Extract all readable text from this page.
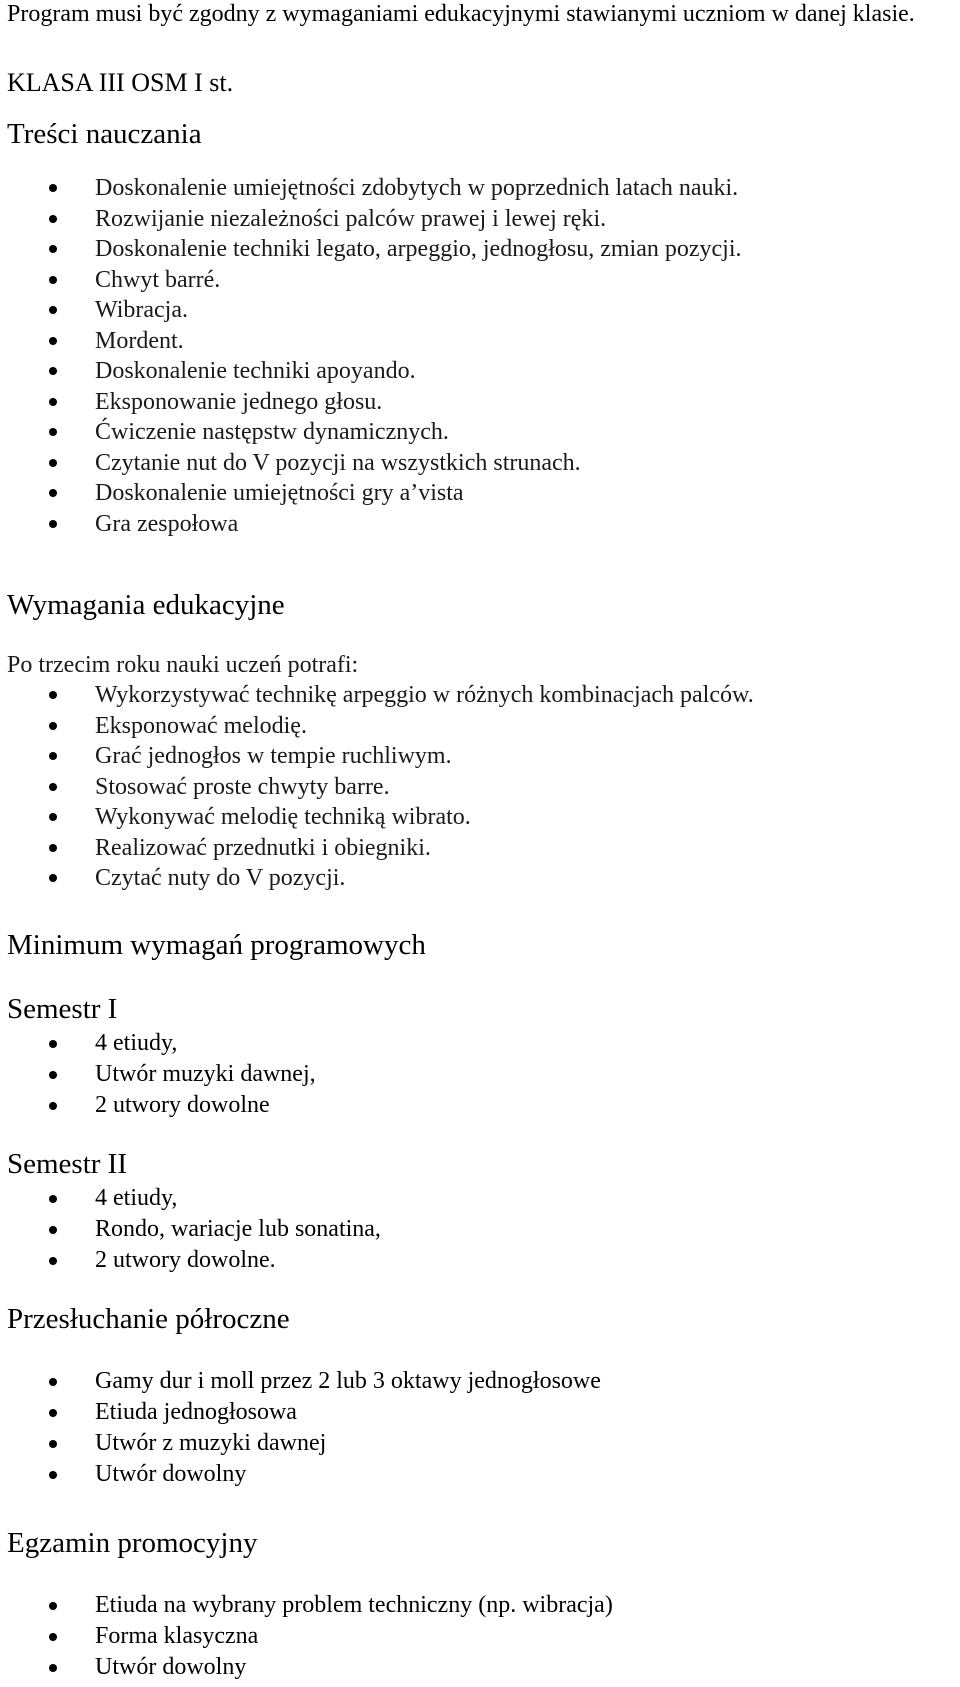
Program musi być zgodny z wymaganiami edukacyjnymi stawianymi uczniom w danej klasie.

KLASA III OSM I st.
Treści nauczania
Doskonalenie umiejętności zdobytych w poprzednich latach nauki.
Rozwijanie niezależności palców prawej i lewej ręki.
Doskonalenie techniki legato, arpeggio, jednogłosu, zmian pozycji.
Chwyt barré.
Wibracja.
Mordent.
Doskonalenie techniki apoyando.
Eksponowanie jednego głosu.
Ćwiczenie następstw dynamicznych.
Czytanie nut do V pozycji na wszystkich strunach.
Doskonalenie umiejętności gry a’vista
Gra zespołowa
Wymagania edukacyjne

Po trzecim roku nauki uczeń potrafi:

Wykorzystywać technikę arpeggio w różnych kombinacjach palców.
Eksponować melodię.
Grać jednogłos w tempie ruchliwym.
Stosować proste chwyty barre.
Wykonywać melodię techniką wibrato.
Realizować przednutki i obiegniki.
Czytać nuty do V pozycji.
Minimum wymagań programowych
Semestr I
4 etiudy,
Utwór muzyki dawnej,
2 utwory dowolne
Semestr II
4 etiudy,
Rondo, wariacje lub sonatina,
2 utwory dowolne.
Przesłuchanie półroczne
Gamy dur i moll przez 2 lub 3 oktawy jednogłosowe
Etiuda jednogłosowa
Utwór z muzyki dawnej
Utwór dowolny
Egzamin promocyjny
Etiuda na wybrany problem techniczny (np. wibracja)
Forma klasyczna
Utwór dowolny
